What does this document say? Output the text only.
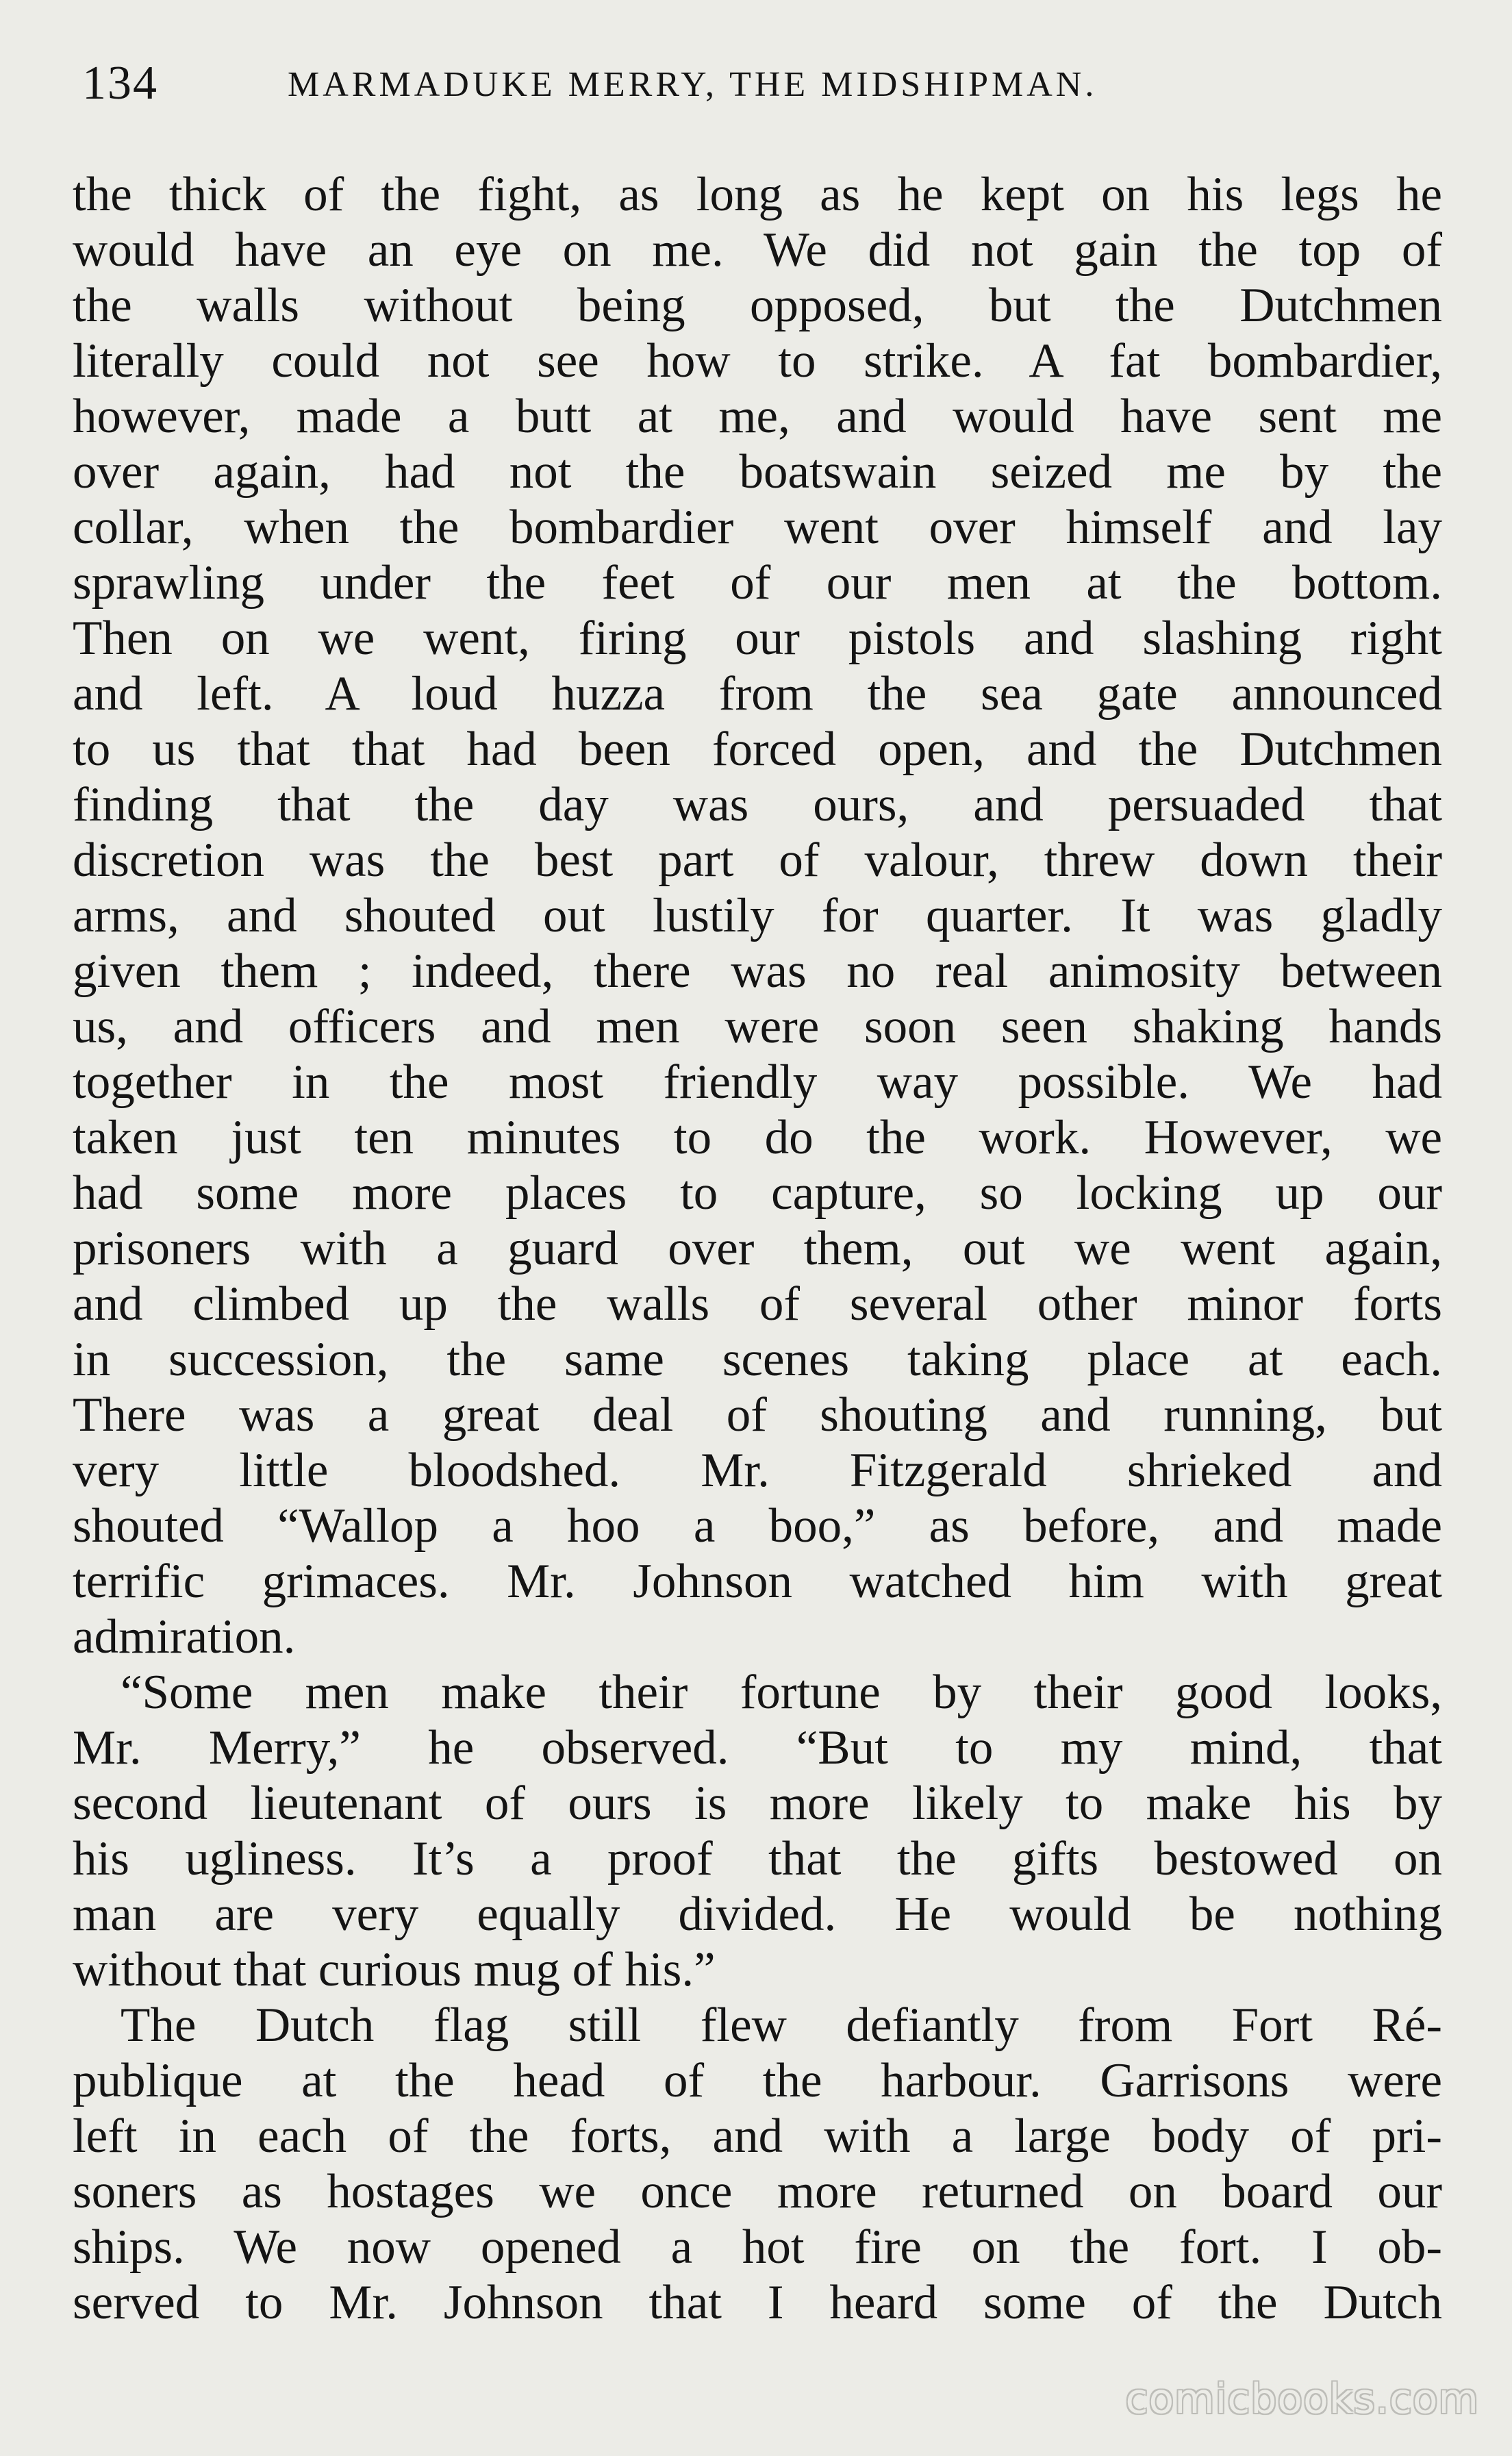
134	MARMADUKE MERRY, THE MIDSHIPMAN.
the thick of the fight, as long as he kept on his legs he
would have an eye on me. We did not gain the top of
the walls without being opposed, but the Dutchmen
literally could not see how to strike. A fat bombardier,
however, made a butt at me, and would have sent me
over again, had not the boatswain seized me by the
collar, when the bombardier went over himself and lay
sprawling under the feet of our men at the bottom.
Then on we went, firing our pistols and slashing right
and left. A loud huzza from the sea gate announced
to us that that had been forced open, and the Dutchmen
finding that the day was ours, and persuaded that
discretion was the best part of valour, threw down their
arms, and shouted out lustily for quarter. It was gladly
given them ; indeed, there was no real animosity between
us, and officers and men were soon seen shaking hands
together in the most friendly way possible. We had
taken just ten minutes to do the work. However, we
had some more places to capture, so locking up our
prisoners with a guard over them, out we went again,
and climbed up the walls of several other minor forts
in succession, the same scenes taking place at each.
There was a great deal of shouting and running, but
very little bloodshed. Mr. Fitzgerald shrieked and
shouted “Wallop a hoo a boo,” as before, and made
terrific grimaces. Mr. Johnson watched him with great
admiration.
“Some men make their fortune by their good looks,
Mr. Merry,” he observed. “But to my mind, that
second lieutenant of ours is more likely to make his by
his ugliness. It’s a proof that the gifts bestowed on
man are very equally divided. He would be nothing
without that curious mug of his.”
The Dutch flag still flew defiantly from Fort Ré-
publique at the head of the harbour. Garrisons were
left in each of the forts, and with a large body of pri-
soners as hostages we once more returned on board our
ships. We now opened a hot fire on the fort. I ob-
served to Mr. Johnson that I heard some of the Dutch
comicbooks.com
